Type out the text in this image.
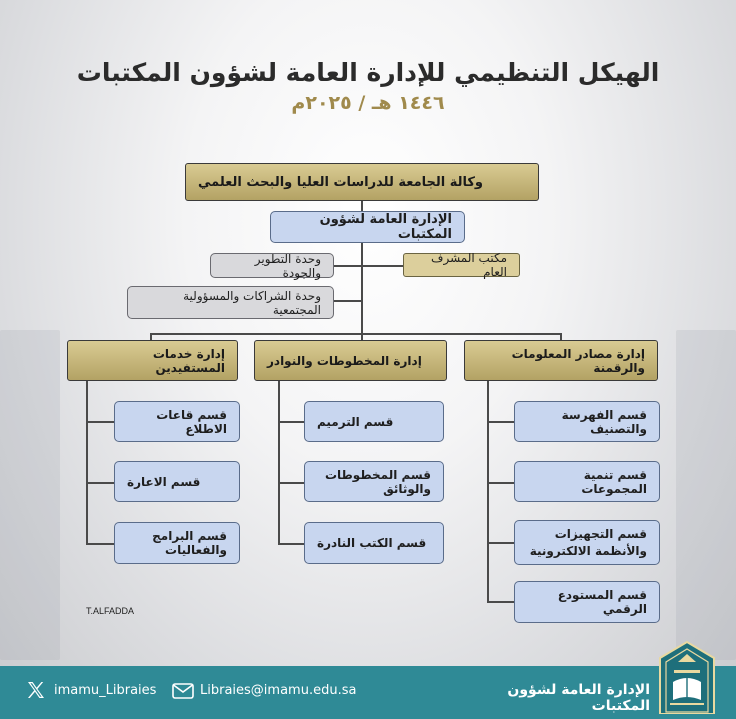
الهيكل التنظيمي للإدارة العامة لشؤون المكتبات
١٤٤٦ هـ / ٢٠٢٥م
وكالة الجامعة للدراسات العليا والبحث العلمي
الإدارة العامة لشؤون المكتبات
مكتب المشرف العام
وحدة التطوير والجودة
وحدة الشراكات والمسؤولية المجتمعية
إدارة مصادر المعلومات والرقمنة
إدارة المخطوطات والنوادر
إدارة خدمات المستفيدين
قسم الفهرسة والتصنيف
قسم تنمية المجموعات
قسم التجهيزات والأنظمة الالكترونية
قسم المستودع الرقمي
قسم الترميم
قسم المخطوطات والوثائق
قسم الكتب النادرة
قسم قاعات الاطلاع
قسم الاعارة
قسم البرامج والفعاليات
T.ALFADDA
imamu_Libraies	Libraies@imamu.edu.sa	الإدارة العامة لشؤون المكتبات
